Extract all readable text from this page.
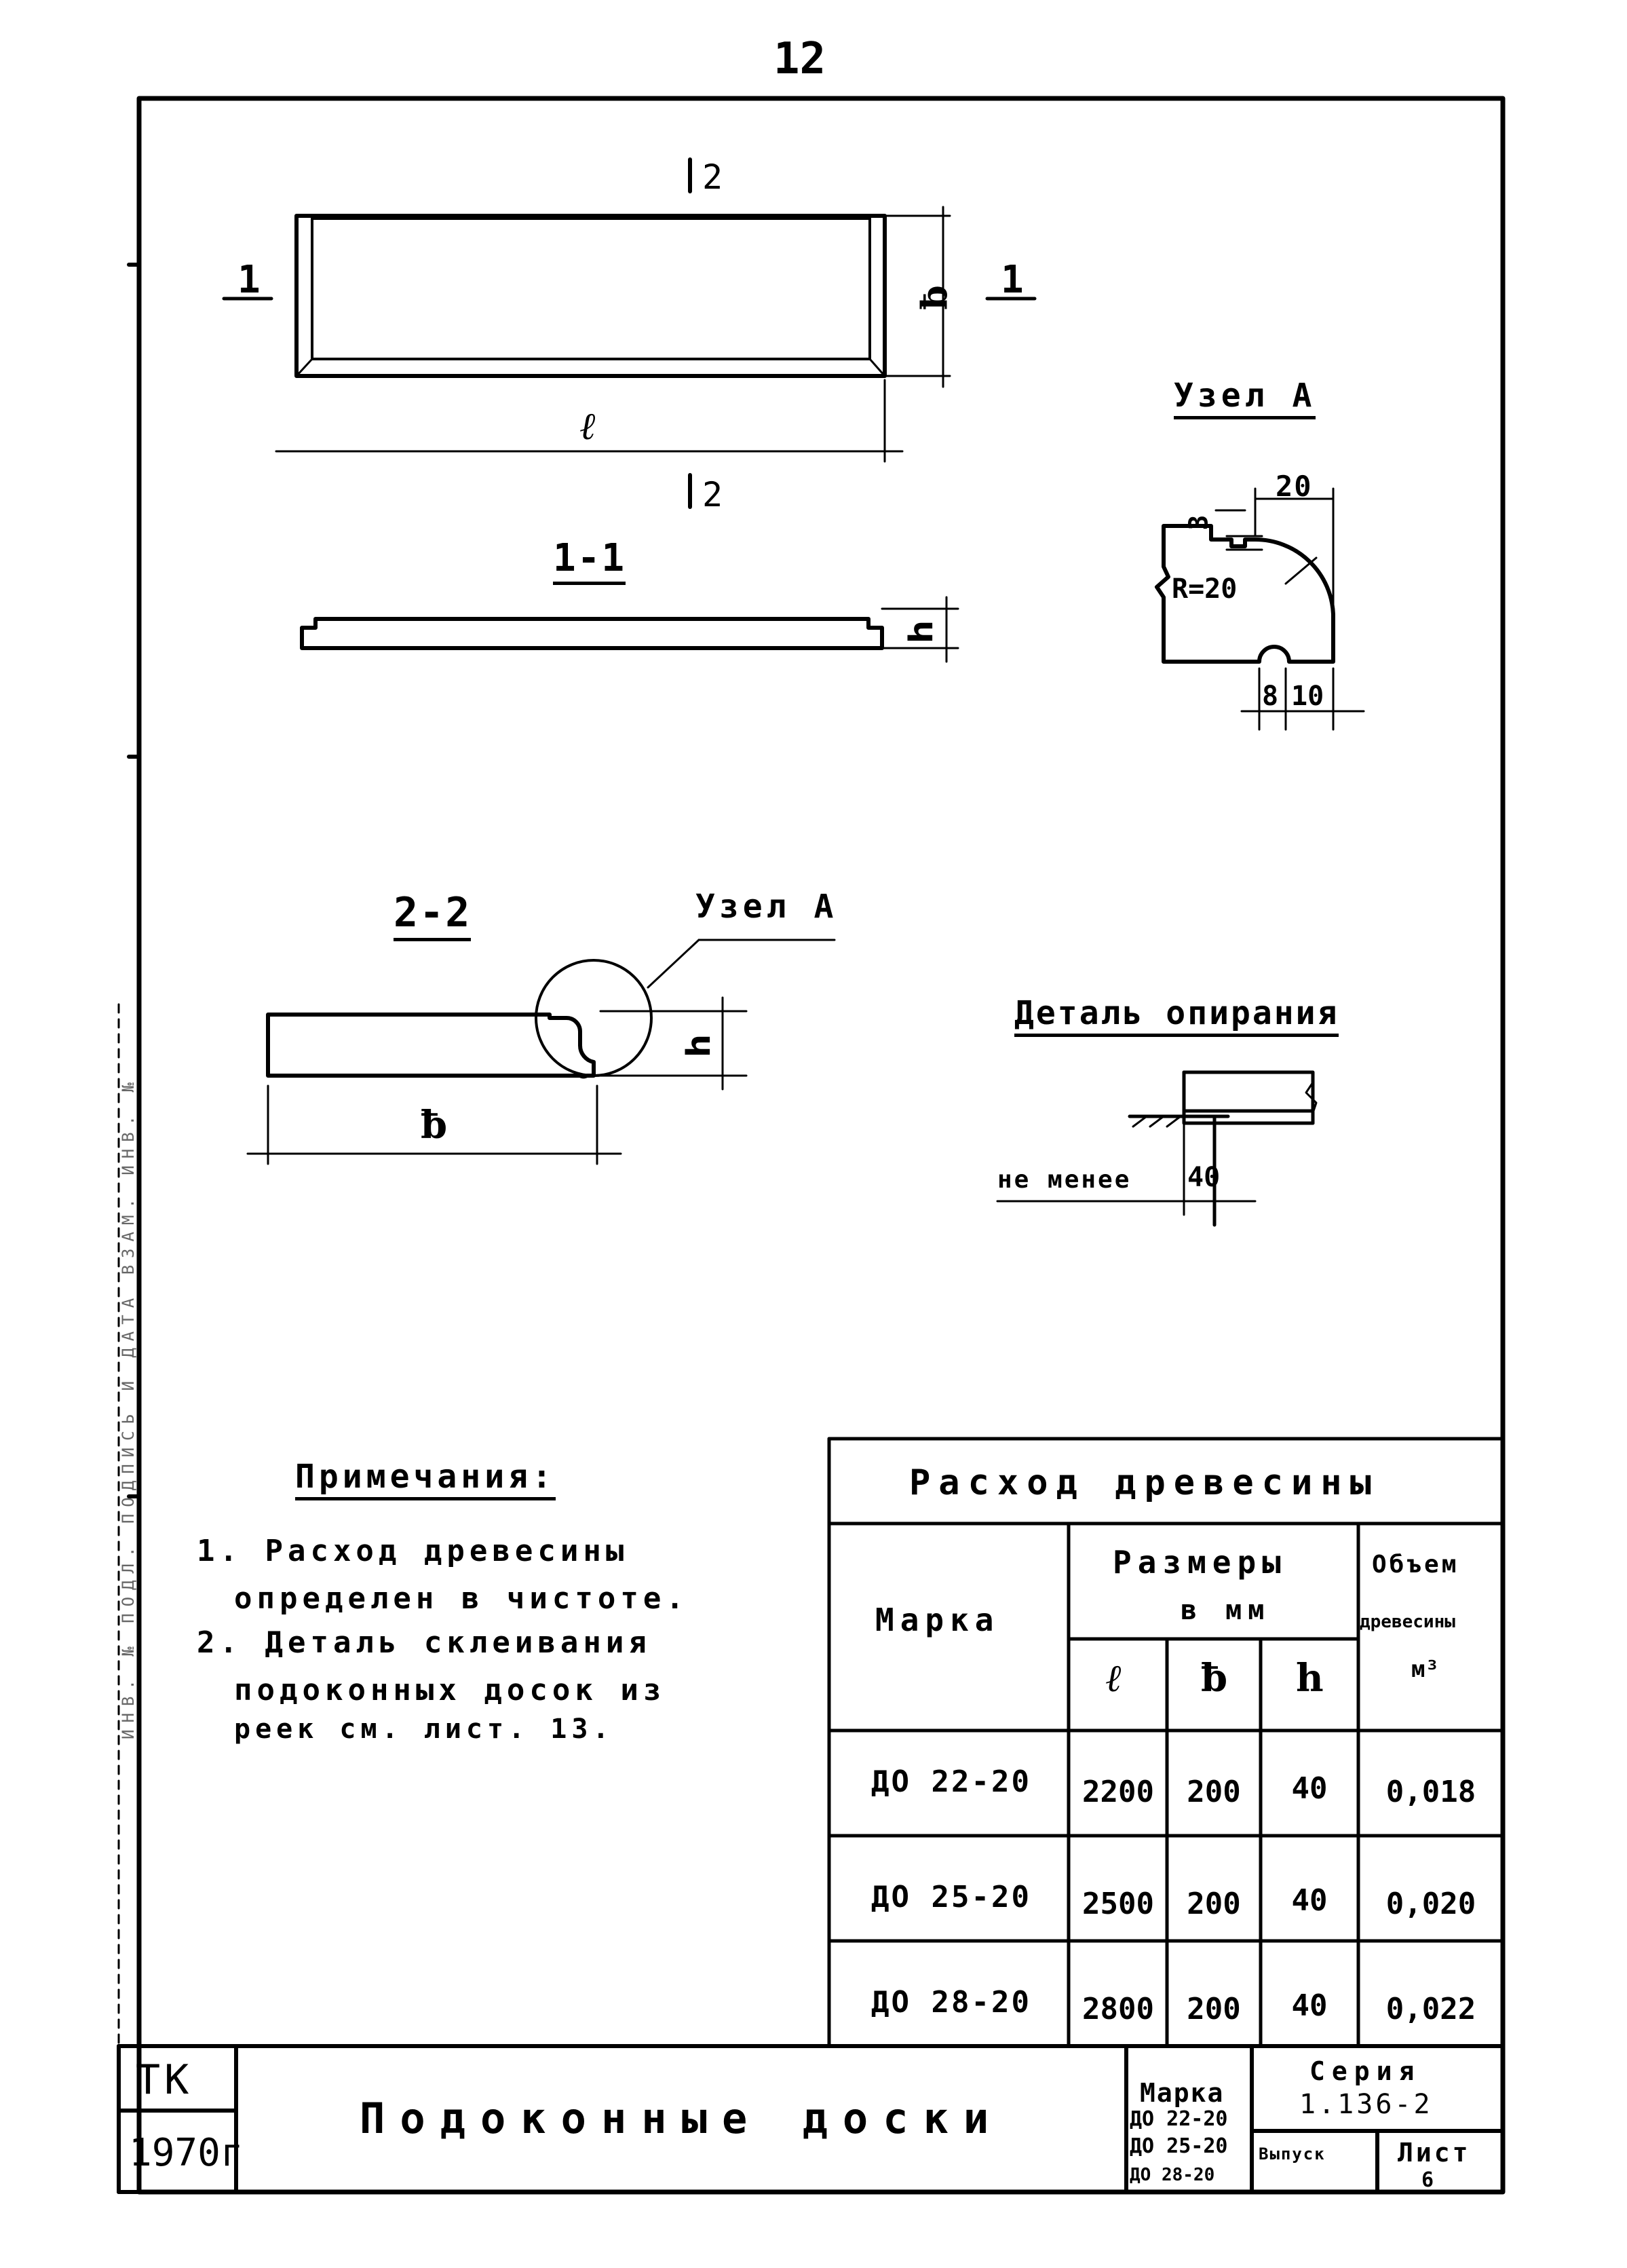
12
2
2
1	1
ℓ
ƀ
1-1
h
Узел А
20
3
R=20
8 10
2-2	Узел А
h
ƀ
Деталь опирания
не менее 40
Примечания:
1. Расход древесины
определен в чистоте.
2. Деталь склеивания
подоконных досок из
реек см. лист. 13.
Расход древесины
Марка
Размеры
в мм
Объем
древесины
м³
ℓ ƀ h
ДО 22-20	2200	200	40	0,018
ДО 25-20	2500	200	40	0,020
ДО 28-20	2800	200	40	0,022
ТК
1970г
Подоконные доски
Марка
ДО 22-20
ДО 25-20
ДО 28-20
Серия
1.136-2
Выпуск	Лист
6
ИНВ. № ПОДЛ. ПОДПИСЬ И ДАТА ВЗАМ. ИНВ. №
